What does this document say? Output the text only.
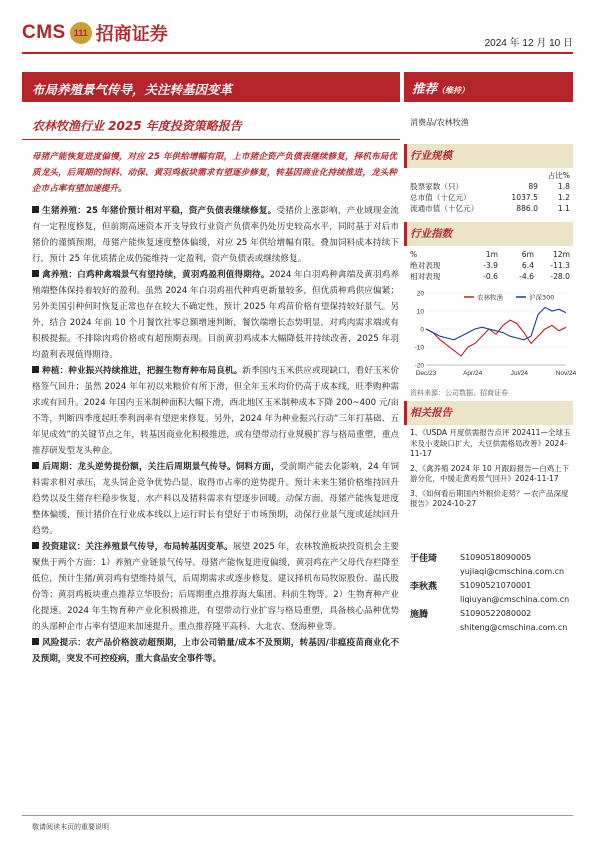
CMS 111 招商证券	2024 年 12 月 10 日
布局养殖景气传导，关注转基因变革	推荐（维持）
农林牧渔行业 2025 年度投资策略报告	消费品/农林牧渔
母猪产能恢复进度偏慢，对应 25 年供给增幅有限，上市猪企资产负债表继续修复，择机布局优质龙头，后周期的饲料、动保、黄羽鸡板块需求有望逐步修复，转基因商业化持续推进，龙头种企市占率有望加速提升。

生猪养殖：25 年猪价预计相对平稳，资产负债表继续修复。受猪价上涨影响，产业域现金流有一定程度修复，但前期高速资本开支导致行业资产负债率仍处历史较高水平，同时基于对后市猪价的谨慎预期，母猪产能恢复速度整体偏缓，对应 25 年供给增幅有限。叠加饲料成本持续下行，预计 25 年优质猪企成仍能维持一定盈利，资产负债表或继续修复。

禽养殖：白鸡种禽端景气有望持续，黄羽鸡盈利值得期待。2024 年白羽鸡种禽端及黄羽鸡养殖端整体保持着较好的盈利。虽然 2024 年白羽鸡祖代种鸡更新量较多，但优质种鸡供应偏紧；另外美国引种何时恢复正常也存在较大不确定性，预计 2025 年鸡苗价格有望保持较好景气。另外，结合 2024 年前 10 个月餐饮社零总额增速判断，餐饮端增长态势明显，对鸡肉需求端或有积极提振。不排除肉鸡价格或有超预期表现。目前黄羽鸡成本大幅降低并持续改善，2025 年羽均盈利表现值得期待。

种植：种业振兴持续推进，把握生物育种布局良机。新季国内玉米供应或现缺口，看好玉米价格签气回升；虽然 2024 年年初以来粮价有所下滑，但全年玉米均价仍高于成本线，旺季购种需求或有回升。2024 年国内玉米制种面积大幅下滑，西北地区玉米制种成本下降 200~400 元/亩不等，判断四季度起旺季利润率有望逆来修复。另外，2024 年为种业振兴行动“三年打基础、五年见成效”的关键节点之年，转基因商业化积极推进，或有望带动行业规模扩容与格局重塑，重点推荐研发型龙头种企。

后周期：龙头逆势提份额，关注后周期景气传导。饲料方面，受前期产能去化影响，24 年饲料需求相对承压，龙头饲企竞争优势凸显、取得市占率的逆势提升。预计未来生猪价格维持回升趋势以及生猪存栏稳步恢复，水产料以及猪料需求有望逐步回暖。动保方面，母猪产能恢复进度整体偏缓，预计猪价在行业成本线以上运行时长有望好于市场预期，动保行业景气度或延续回升趋势。

投资建议：关注养殖景气传导，布局转基因变革。展望 2025 年，农林牧渔板块投资机会主要聚焦于两个方面：1）养殖产业链景气传导。母猪产能恢复进度偏缓，黄羽鸡在产父母代存栏降至低位，预计生猪/黄羽鸡有望维持景气，后周期需求或逐步修复。建议择机布局牧原股份、温氏股份等；黄羽鸡板块重点推荐立华股份；后周期重点推荐海大集团、科前生物等。2）生物育种产业化提速。2024 年生物育种产业化积极推进，有望带动行业扩容与格局重塑，具备核心品种优势的头部种企市占率有望迎来加速提升，重点推荐隆平高科、大北农、登海种业等。

风险提示：农产品价格波动超预期，上市公司销量/成本不及预期，转基因/非瘟疫苗商业化不及预期，突发不可控疫病，重大食品安全事件等。

行业规模
占比%
股票家数（只）	89	1.8
总市值（十亿元）	1037.5	1.2
流通市值（十亿元）	886.0	1.1
行业指数
%	1m	6m	12m
绝对表现	-3.9	6.4	-11.3
相对表现	-0.6	-4.6	-28.0
20
10
0
-10
-20
Dec/23	Apr/24	Jul/24	Nov/24
农林牧渔	沪深300
资料来源：公司数据、招商证券
相关报告
1、《USDA 月度供需报告点评 202411—全球玉米及小麦缺口扩大，大豆供需格局改善》2024-11-17
2、《禽养殖 2024 年 10 月跟踪报告—白鸡上下游分化，中缓走黄鸡景气回升》2024-11-17
3、《如何看后期国内外粮价走势？—农产品深度报告》2024-10-27
于佳琦	S1090518090005
yujiaqi@cmschina.com.cn
李秋燕	S1090521070001
liqiuyan@cmschina.com.cn
施腾	S1090522080002
shiteng@cmschina.com.cn
敬请阅读末页的重要说明
